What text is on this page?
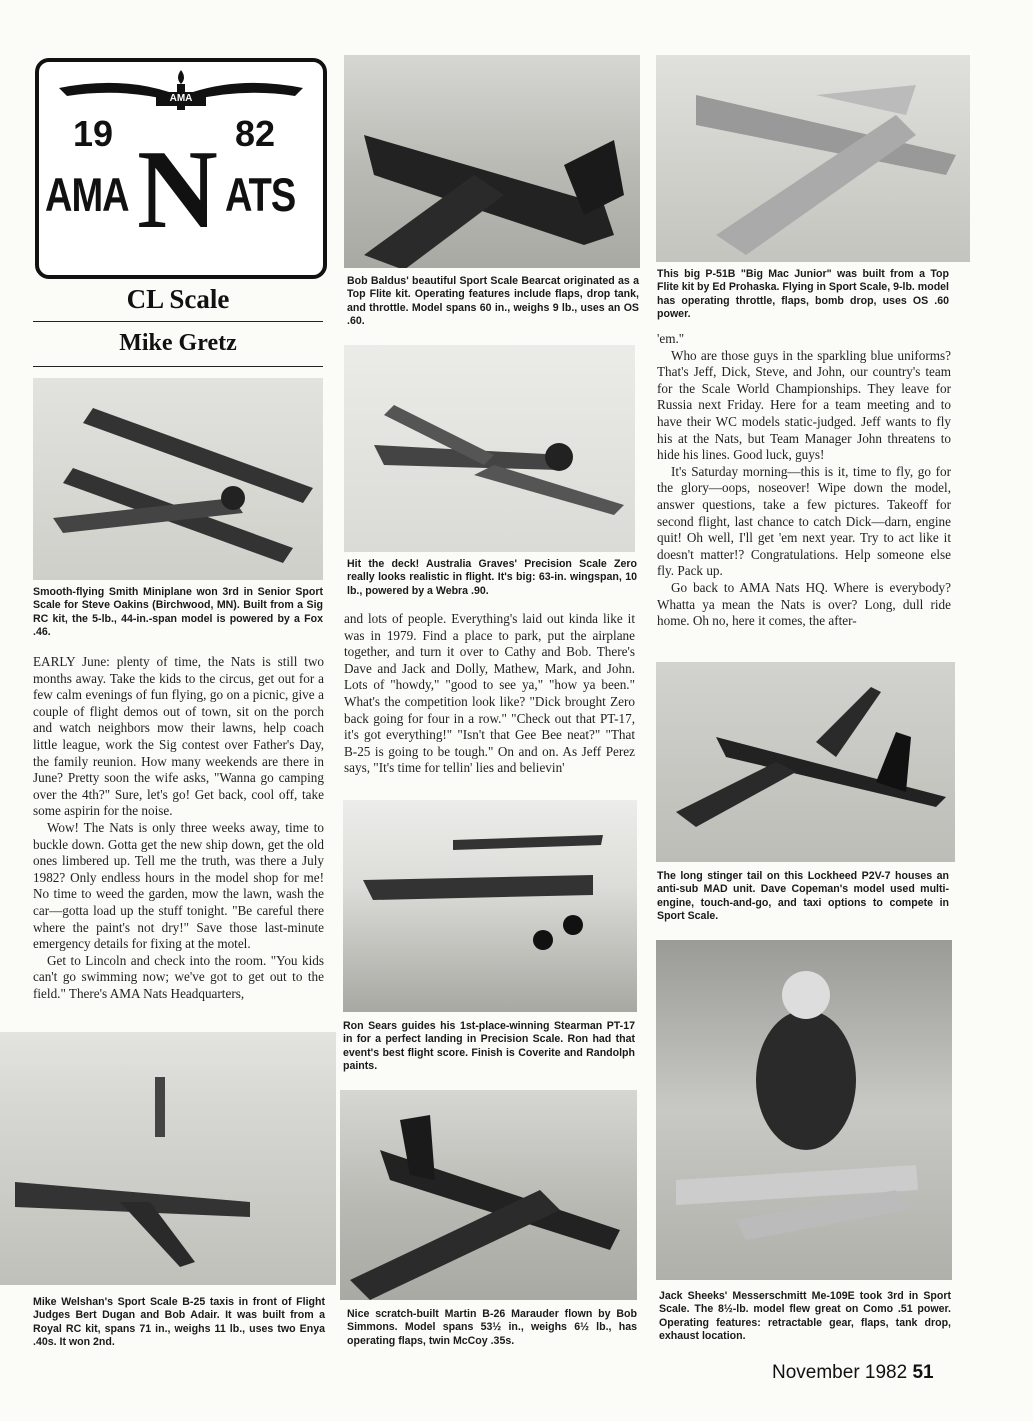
AMA
19	82
AMA N ATS
CL Scale
Mike Gretz

Smooth-flying Smith Miniplane won 3rd in Senior Sport Scale for Steve Oakins (Birchwood, MN). Built from a Sig RC kit, the 5-lb., 44-in.-span model is powered by a Fox .46.

Bob Baldus' beautiful Sport Scale Bearcat originated as a Top Flite kit. Operating features include flaps, drop tank, and throttle. Model spans 60 in., weighs 9 lb., uses an OS .60.

This big P-51B "Big Mac Junior" was built from a Top Flite kit by Ed Prohaska. Flying in Sport Scale, 9-lb. model has operating throttle, flaps, bomb drop, uses OS .60 power.

Hit the deck! Australia Graves' Precision Scale Zero really looks realistic in flight. It's big: 63-in. wingspan, 10 lb., powered by a Webra .90.

The long stinger tail on this Lockheed P2V-7 houses an anti-sub MAD unit. Dave Copeman's model used multi-engine, touch-and-go, and taxi options to compete in Sport Scale.

Ron Sears guides his 1st-place-winning Stearman PT-17 in for a perfect landing in Precision Scale. Ron had that event's best flight score. Finish is Coverite and Randolph paints.

Mike Welshan's Sport Scale B-25 taxis in front of Flight Judges Bert Dugan and Bob Adair. It was built from a Royal RC kit, spans 71 in., weighs 11 lb., uses two Enya .40s. It won 2nd.

Nice scratch-built Martin B-26 Marauder flown by Bob Simmons. Model spans 53½ in., weighs 6½ lb., has operating flaps, twin McCoy .35s.

Jack Sheeks' Messerschmitt Me-109E took 3rd in Sport Scale. The 8½-lb. model flew great on Como .51 power. Operating features: retractable gear, flaps, tank drop, exhaust location.

EARLY June: plenty of time, the Nats is still two months away. Take the kids to the circus, get out for a few calm evenings of fun flying, go on a picnic, give a couple of flight demos out of town, sit on the porch and watch neighbors mow their lawns, help coach little league, work the Sig contest over Father's Day, the family reunion. How many weekends are there in June? Pretty soon the wife asks, "Wanna go camping over the 4th?" Sure, let's go! Get back, cool off, take some aspirin for the noise.

Wow! The Nats is only three weeks away, time to buckle down. Gotta get the new ship down, get the old ones limbered up. Tell me the truth, was there a July 1982? Only endless hours in the model shop for me! No time to weed the garden, mow the lawn, wash the car—gotta load up the stuff tonight. "Be careful there where the paint's not dry!" Save those last-minute emergency details for fixing at the motel.

Get to Lincoln and check into the room. "You kids can't go swimming now; we've got to get out to the field." There's AMA Nats Headquarters,

and lots of people. Everything's laid out kinda like it was in 1979. Find a place to park, put the airplane together, and turn it over to Cathy and Bob. There's Dave and Jack and Dolly, Mathew, Mark, and John. Lots of "howdy," "good to see ya," "how ya been." What's the competition look like? "Dick brought Zero back going for four in a row." "Check out that PT-17, it's got everything!" "Isn't that Gee Bee neat?" "That B-25 is going to be tough." On and on. As Jeff Perez says, "It's time for tellin' lies and believin'

'em."

Who are those guys in the sparkling blue uniforms? That's Jeff, Dick, Steve, and John, our country's team for the Scale World Championships. They leave for Russia next Friday. Here for a team meeting and to have their WC models static-judged. Jeff wants to fly his at the Nats, but Team Manager John threatens to hide his lines. Good luck, guys!

It's Saturday morning—this is it, time to fly, go for the glory—oops, noseover! Wipe down the model, answer questions, take a few pictures. Takeoff for second flight, last chance to catch Dick—darn, engine quit! Oh well, I'll get 'em next year. Try to act like it doesn't matter!? Congratulations. Help someone else fly. Pack up.

Go back to AMA Nats HQ. Where is everybody? Whatta ya mean the Nats is over? Long, dull ride home. Oh no, here it comes, the after-

November 1982 51
